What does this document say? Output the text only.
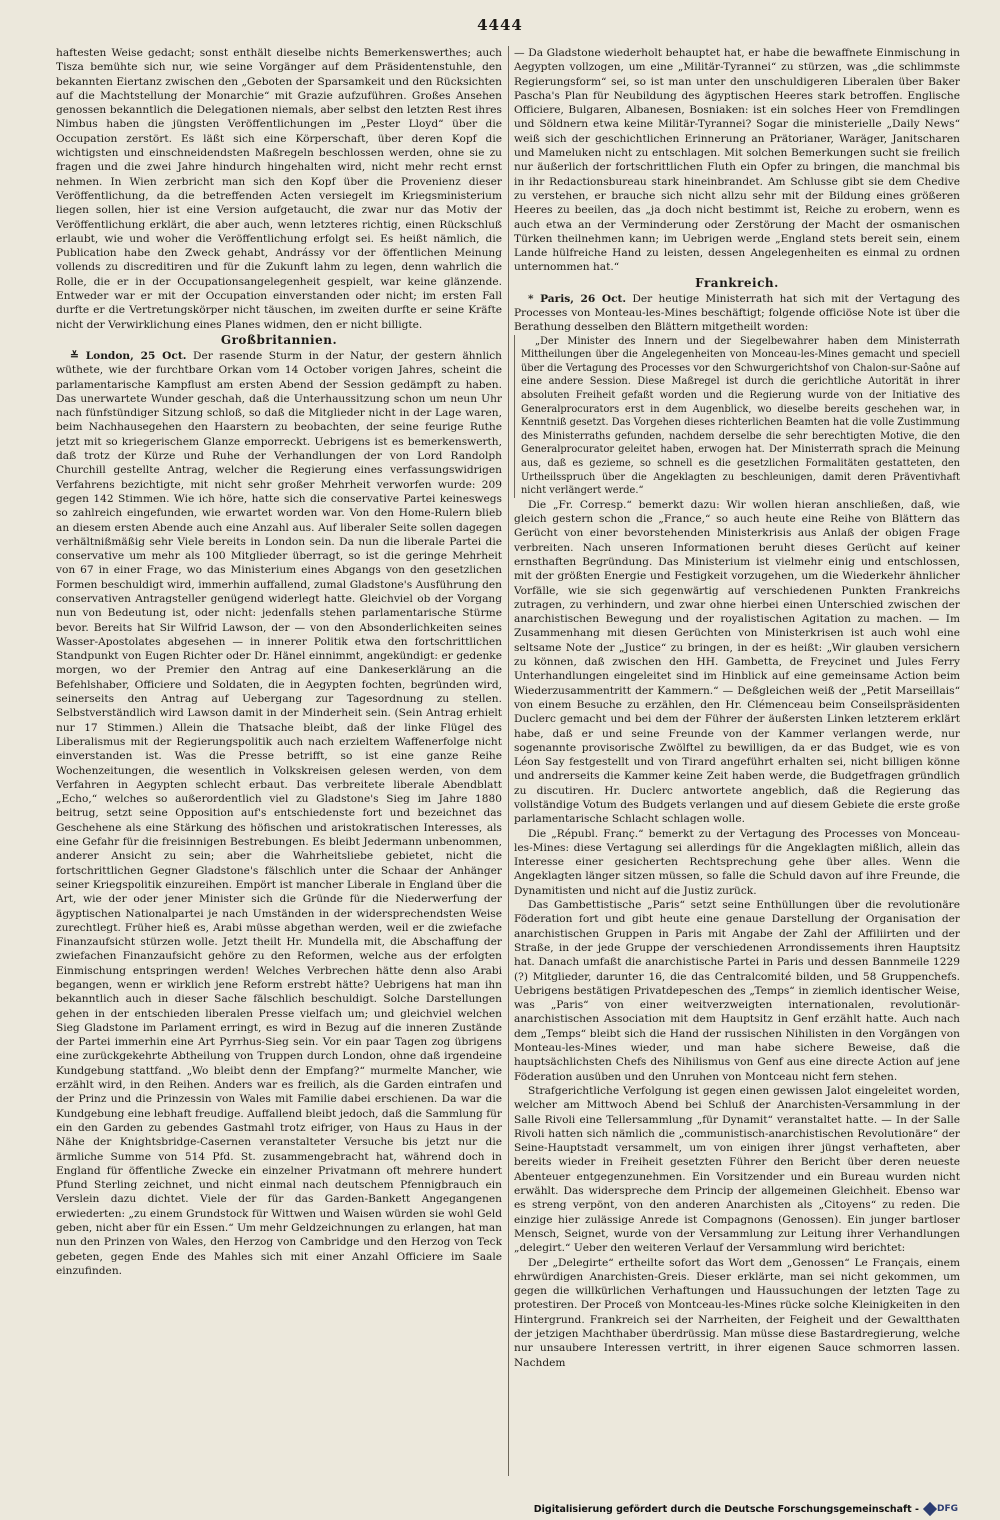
4444

haftesten Weise gedacht; sonst enthält dieselbe nichts Bemerkenswerthes; auch Tisza bemühte sich nur, wie seine Vorgänger auf dem Präsidentenstuhle, den bekannten Eiertanz zwischen den „Geboten der Sparsamkeit und den Rücksichten auf die Machtstellung der Monarchie“ mit Grazie aufzuführen. Großes Ansehen genossen bekanntlich die Delegationen niemals, aber selbst den letzten Rest ihres Nimbus haben die jüngsten Veröffentlichungen im „Pester Lloyd“ über die Occupation zerstört. Es läßt sich eine Körperschaft, über deren Kopf die wichtigsten und einschneidendsten Maßregeln beschlossen werden, ohne sie zu fragen und die zwei Jahre hindurch hingehalten wird, nicht mehr recht ernst nehmen. In Wien zerbricht man sich den Kopf über die Provenienz dieser Veröffentlichung, da die betreffenden Acten versiegelt im Kriegsministerium liegen sollen, hier ist eine Version aufgetaucht, die zwar nur das Motiv der Veröffentlichung erklärt, die aber auch, wenn letzteres richtig, einen Rückschluß erlaubt, wie und woher die Veröffentlichung erfolgt sei. Es heißt nämlich, die Publication habe den Zweck gehabt, Andrássy vor der öffentlichen Meinung vollends zu discreditiren und für die Zukunft lahm zu legen, denn wahrlich die Rolle, die er in der Occupationsangelegenheit gespielt, war keine glänzende. Entweder war er mit der Occupation einverstanden oder nicht; im ersten Fall durfte er die Vertretungskörper nicht täuschen, im zweiten durfte er seine Kräfte nicht der Verwirklichung eines Planes widmen, den er nicht billigte.

Großbritannien.

≚ London, 25 Oct. Der rasende Sturm in der Natur, der gestern ähnlich wüthete, wie der furchtbare Orkan vom 14 October vorigen Jahres, scheint die parlamentarische Kampflust am ersten Abend der Session gedämpft zu haben. Das unerwartete Wunder geschah, daß die Unterhaussitzung schon um neun Uhr nach fünfstündiger Sitzung schloß, so daß die Mitglieder nicht in der Lage waren, beim Nachhausegehen den Haarstern zu beobachten, der seine feurige Ruthe jetzt mit so kriegerischem Glanze emporreckt. Uebrigens ist es bemerkenswerth, daß trotz der Kürze und Ruhe der Verhandlungen der von Lord Randolph Churchill gestellte Antrag, welcher die Regierung eines verfassungswidrigen Verfahrens bezichtigte, mit nicht sehr großer Mehrheit verworfen wurde: 209 gegen 142 Stimmen. Wie ich höre, hatte sich die conservative Partei keineswegs so zahlreich eingefunden, wie erwartet worden war. Von den Home-Rulern blieb an diesem ersten Abende auch eine Anzahl aus. Auf liberaler Seite sollen dagegen verhältnißmäßig sehr Viele bereits in London sein. Da nun die liberale Partei die conservative um mehr als 100 Mitglieder überragt, so ist die geringe Mehrheit von 67 in einer Frage, wo das Ministerium eines Abgangs von den gesetzlichen Formen beschuldigt wird, immerhin auffallend, zumal Gladstone's Ausführung den conservativen Antragsteller genügend widerlegt hatte. Gleichviel ob der Vorgang nun von Bedeutung ist, oder nicht: jedenfalls stehen parlamentarische Stürme bevor. Bereits hat Sir Wilfrid Lawson, der — von den Absonderlichkeiten seines Wasser-Apostolates abgesehen — in innerer Politik etwa den fortschrittlichen Standpunkt von Eugen Richter oder Dr. Hänel einnimmt, angekündigt: er gedenke morgen, wo der Premier den Antrag auf eine Dankeserklärung an die Befehlshaber, Officiere und Soldaten, die in Aegypten fochten, begründen wird, seinerseits den Antrag auf Uebergang zur Tagesordnung zu stellen. Selbstverständlich wird Lawson damit in der Minderheit sein. (Sein Antrag erhielt nur 17 Stimmen.) Allein die Thatsache bleibt, daß der linke Flügel des Liberalismus mit der Regierungspolitik auch nach erzieltem Waffenerfolge nicht einverstanden ist. Was die Presse betrifft, so ist eine ganze Reihe Wochenzeitungen, die wesentlich in Volkskreisen gelesen werden, von dem Verfahren in Aegypten schlecht erbaut. Das verbreitete liberale Abendblatt „Echo,“ welches so außerordentlich viel zu Gladstone's Sieg im Jahre 1880 beitrug, setzt seine Opposition auf's entschiedenste fort und bezeichnet das Geschehene als eine Stärkung des höfischen und aristokratischen Interesses, als eine Gefahr für die freisinnigen Bestrebungen. Es bleibt Jedermann unbenommen, anderer Ansicht zu sein; aber die Wahrheitsliebe gebietet, nicht die fortschrittlichen Gegner Gladstone's fälschlich unter die Schaar der Anhänger seiner Kriegspolitik einzureihen. Empört ist mancher Liberale in England über die Art, wie der oder jener Minister sich die Gründe für die Niederwerfung der ägyptischen Nationalpartei je nach Umständen in der widersprechendsten Weise zurechtlegt. Früher hieß es, Arabi müsse abgethan werden, weil er die zwiefache Finanzaufsicht stürzen wolle. Jetzt theilt Hr. Mundella mit, die Abschaffung der zwiefachen Finanzaufsicht gehöre zu den Reformen, welche aus der erfolgten Einmischung entspringen werden! Welches Verbrechen hätte denn also Arabi begangen, wenn er wirklich jene Reform erstrebt hätte? Uebrigens hat man ihn bekanntlich auch in dieser Sache fälschlich beschuldigt. Solche Darstellungen gehen in der entschieden liberalen Presse vielfach um; und gleichviel welchen Sieg Gladstone im Parlament erringt, es wird in Bezug auf die inneren Zustände der Partei immerhin eine Art Pyrrhus-Sieg sein. Vor ein paar Tagen zog übrigens eine zurückgekehrte Abtheilung von Truppen durch London, ohne daß irgendeine Kundgebung stattfand. „Wo bleibt denn der Empfang?“ murmelte Mancher, wie erzählt wird, in den Reihen. Anders war es freilich, als die Garden eintrafen und der Prinz und die Prinzessin von Wales mit Familie dabei erschienen. Da war die Kundgebung eine lebhaft freudige. Auffallend bleibt jedoch, daß die Sammlung für ein den Garden zu gebendes Gastmahl trotz eifriger, von Haus zu Haus in der Nähe der Knightsbridge-Casernen veranstalteter Versuche bis jetzt nur die ärmliche Summe von 514 Pfd. St. zusammengebracht hat, während doch in England für öffentliche Zwecke ein einzelner Privatmann oft mehrere hundert Pfund Sterling zeichnet, und nicht einmal nach deutschem Pfennigbrauch ein Verslein dazu dichtet. Viele der für das Garden-Bankett Angegangenen erwiederten: „zu einem Grundstock für Wittwen und Waisen würden sie wohl Geld geben, nicht aber für ein Essen.“ Um mehr Geldzeichnungen zu erlangen, hat man nun den Prinzen von Wales, den Herzog von Cambridge und den Herzog von Teck gebeten, gegen Ende des Mahles sich mit einer Anzahl Officiere im Saale einzufinden.

— Da Gladstone wiederholt behauptet hat, er habe die bewaffnete Einmischung in Aegypten vollzogen, um eine „Militär-Tyrannei“ zu stürzen, was „die schlimmste Regierungsform“ sei, so ist man unter den unschuldigeren Liberalen über Baker Pascha's Plan für Neubildung des ägyptischen Heeres stark betroffen. Englische Officiere, Bulgaren, Albanesen, Bosniaken: ist ein solches Heer von Fremdlingen und Söldnern etwa keine Militär-Tyrannei? Sogar die ministerielle „Daily News“ weiß sich der geschichtlichen Erinnerung an Prätorianer, Waräger, Janitscharen und Mameluken nicht zu entschlagen. Mit solchen Bemerkungen sucht sie freilich nur äußerlich der fortschrittlichen Fluth ein Opfer zu bringen, die manchmal bis in ihr Redactionsbureau stark hineinbrandet. Am Schlusse gibt sie dem Chedive zu verstehen, er brauche sich nicht allzu sehr mit der Bildung eines größeren Heeres zu beeilen, das „ja doch nicht bestimmt ist, Reiche zu erobern, wenn es auch etwa an der Verminderung oder Zerstörung der Macht der osmanischen Türken theilnehmen kann; im Uebrigen werde „England stets bereit sein, einem Lande hülfreiche Hand zu leisten, dessen Angelegenheiten es einmal zu ordnen unternommen hat.“

Frankreich.

* Paris, 26 Oct. Der heutige Ministerrath hat sich mit der Vertagung des Processes von Monteau-les-Mines beschäftigt; folgende officiöse Note ist über die Berathung desselben den Blättern mitgetheilt worden:

„Der Minister des Innern und der Siegelbewahrer haben dem Ministerrath Mittheilungen über die Angelegenheiten von Monceau-les-Mines gemacht und speciell über die Vertagung des Processes vor den Schwurgerichtshof von Chalon-sur-Saône auf eine andere Session. Diese Maßregel ist durch die gerichtliche Autorität in ihrer absoluten Freiheit gefaßt worden und die Regierung wurde von der Initiative des Generalprocurators erst in dem Augenblick, wo dieselbe bereits geschehen war, in Kenntniß gesetzt. Das Vorgehen dieses richterlichen Beamten hat die volle Zustimmung des Ministerraths gefunden, nachdem derselbe die sehr berechtigten Motive, die den Generalprocurator geleitet haben, erwogen hat. Der Ministerrath sprach die Meinung aus, daß es gezieme, so schnell es die gesetzlichen Formalitäten gestatteten, den Urtheilsspruch über die Angeklagten zu beschleunigen, damit deren Präventivhaft nicht verlängert werde.“

Die „Fr. Corresp.“ bemerkt dazu: Wir wollen hieran anschließen, daß, wie gleich gestern schon die „France,“ so auch heute eine Reihe von Blättern das Gerücht von einer bevorstehenden Ministerkrisis aus Anlaß der obigen Frage verbreiten. Nach unseren Informationen beruht dieses Gerücht auf keiner ernsthaften Begründung. Das Ministerium ist vielmehr einig und entschlossen, mit der größten Energie und Festigkeit vorzugehen, um die Wiederkehr ähnlicher Vorfälle, wie sie sich gegenwärtig auf verschiedenen Punkten Frankreichs zutragen, zu verhindern, und zwar ohne hierbei einen Unterschied zwischen der anarchistischen Bewegung und der royalistischen Agitation zu machen. — Im Zusammenhang mit diesen Gerüchten von Ministerkrisen ist auch wohl eine seltsame Note der „Justice“ zu bringen, in der es heißt: „Wir glauben versichern zu können, daß zwischen den HH. Gambetta, de Freycinet und Jules Ferry Unterhandlungen eingeleitet sind im Hinblick auf eine gemeinsame Action beim Wiederzusammentritt der Kammern.“ — Deßgleichen weiß der „Petit Marseillais“ von einem Besuche zu erzählen, den Hr. Clémenceau beim Conseilspräsidenten Duclerc gemacht und bei dem der Führer der äußersten Linken letzterem erklärt habe, daß er und seine Freunde von der Kammer verlangen werde, nur sogenannte provisorische Zwölftel zu bewilligen, da er das Budget, wie es von Léon Say festgestellt und von Tirard angeführt erhalten sei, nicht billigen könne und andrerseits die Kammer keine Zeit haben werde, die Budgetfragen gründlich zu discutiren. Hr. Duclerc antwortete angeblich, daß die Regierung das vollständige Votum des Budgets verlangen und auf diesem Gebiete die erste große parlamentarische Schlacht schlagen wolle.

Die „Républ. Franç.“ bemerkt zu der Vertagung des Processes von Monceau-les-Mines: diese Vertagung sei allerdings für die Angeklagten mißlich, allein das Interesse einer gesicherten Rechtsprechung gehe über alles. Wenn die Angeklagten länger sitzen müssen, so falle die Schuld davon auf ihre Freunde, die Dynamitisten und nicht auf die Justiz zurück.

Das Gambettistische „Paris“ setzt seine Enthüllungen über die revolutionäre Föderation fort und gibt heute eine genaue Darstellung der Organisation der anarchistischen Gruppen in Paris mit Angabe der Zahl der Affiliirten und der Straße, in der jede Gruppe der verschiedenen Arrondissements ihren Hauptsitz hat. Danach umfaßt die anarchistische Partei in Paris und dessen Bannmeile 1229 (?) Mitglieder, darunter 16, die das Centralcomité bilden, und 58 Gruppenchefs. Uebrigens bestätigen Privatdepeschen des „Temps“ in ziemlich identischer Weise, was „Paris“ von einer weitverzweigten internationalen, revolutionär-anarchistischen Association mit dem Hauptsitz in Genf erzählt hatte. Auch nach dem „Temps“ bleibt sich die Hand der russischen Nihilisten in den Vorgängen von Monteau-les-Mines wieder, und man habe sichere Beweise, daß die hauptsächlichsten Chefs des Nihilismus von Genf aus eine directe Action auf jene Föderation ausüben und den Unruhen von Montceau nicht fern stehen.

Strafgerichtliche Verfolgung ist gegen einen gewissen Jalot eingeleitet worden, welcher am Mittwoch Abend bei Schluß der Anarchisten-Versammlung in der Salle Rivoli eine Tellersammlung „für Dynamit“ veranstaltet hatte. — In der Salle Rivoli hatten sich nämlich die „communistisch-anarchistischen Revolutionäre“ der Seine-Hauptstadt versammelt, um von einigen ihrer jüngst verhafteten, aber bereits wieder in Freiheit gesetzten Führer den Bericht über deren neueste Abenteuer entgegenzunehmen. Ein Vorsitzender und ein Bureau wurden nicht erwählt. Das widerspreche dem Princip der allgemeinen Gleichheit. Ebenso war es streng verpönt, von den anderen Anarchisten als „Citoyens“ zu reden. Die einzige hier zulässige Anrede ist Compagnons (Genossen). Ein junger bartloser Mensch, Seignet, wurde von der Versammlung zur Leitung ihrer Verhandlungen „delegirt.“ Ueber den weiteren Verlauf der Versammlung wird berichtet:

Der „Delegirte“ ertheilte sofort das Wort dem „Genossen“ Le Français, einem ehrwürdigen Anarchisten-Greis. Dieser erklärte, man sei nicht gekommen, um gegen die willkürlichen Verhaftungen und Haussuchungen der letzten Tage zu protestiren. Der Proceß von Montceau-les-Mines rücke solche Kleinigkeiten in den Hintergrund. Frankreich sei der Narrheiten, der Feigheit und der Gewaltthaten der jetzigen Machthaber überdrüssig. Man müsse diese Bastardregierung, welche nur unsaubere Interessen vertritt, in ihrer eigenen Sauce schmorren lassen. Nachdem

Digitalisierung gefördert durch die Deutsche Forschungsgemeinschaft - DFG
